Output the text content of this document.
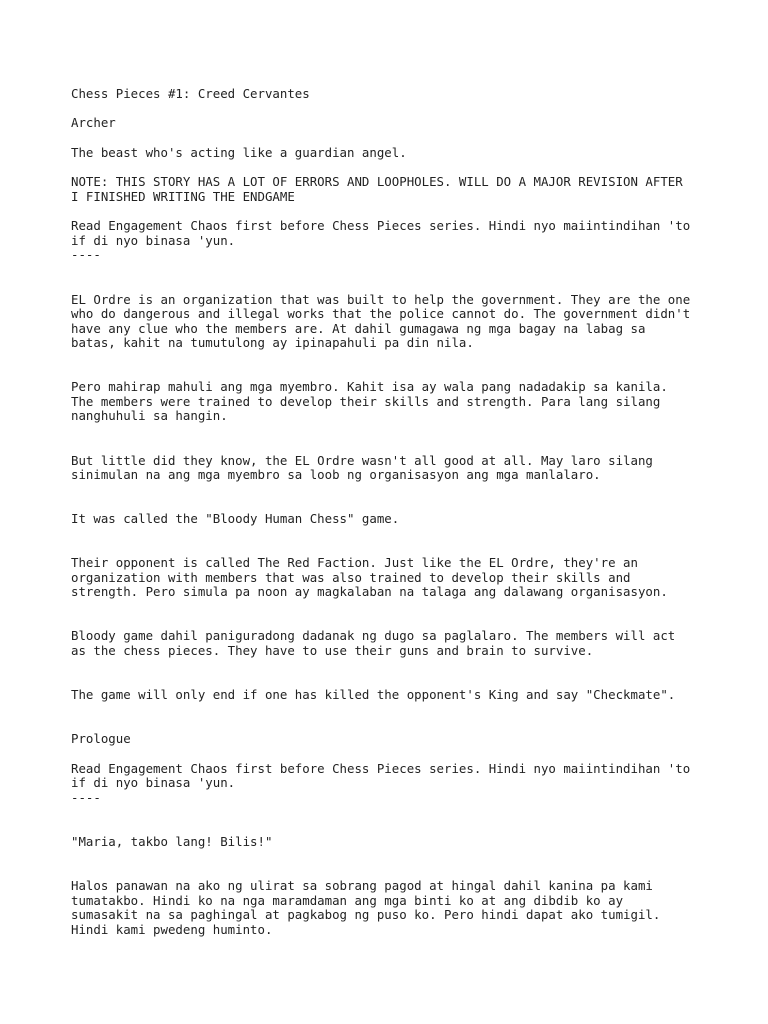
Chess Pieces #1: Creed Cervantes

Archer

The beast who's acting like a guardian angel.

NOTE: THIS STORY HAS A LOT OF ERRORS AND LOOPHOLES. WILL DO A MAJOR REVISION AFTER

I FINISHED WRITING THE ENDGAME

Read Engagement Chaos first before Chess Pieces series. Hindi nyo maiintindihan 'to

if di nyo binasa 'yun.

----

EL Ordre is an organization that was built to help the government. They are the one

who do dangerous and illegal works that the police cannot do. The government didn't

have any clue who the members are. At dahil gumagawa ng mga bagay na labag sa

batas, kahit na tumutulong ay ipinapahuli pa din nila.

Pero mahirap mahuli ang mga myembro. Kahit isa ay wala pang nadadakip sa kanila.

The members were trained to develop their skills and strength. Para lang silang

nanghuhuli sa hangin.

But little did they know, the EL Ordre wasn't all good at all. May laro silang

sinimulan na ang mga myembro sa loob ng organisasyon ang mga manlalaro.

It was called the "Bloody Human Chess" game.

Their opponent is called The Red Faction. Just like the EL Ordre, they're an

organization with members that was also trained to develop their skills and

strength. Pero simula pa noon ay magkalaban na talaga ang dalawang organisasyon.

Bloody game dahil paniguradong dadanak ng dugo sa paglalaro. The members will act

as the chess pieces. They have to use their guns and brain to survive.

The game will only end if one has killed the opponent's King and say "Checkmate".

Prologue

Read Engagement Chaos first before Chess Pieces series. Hindi nyo maiintindihan 'to

if di nyo binasa 'yun.

----

"Maria, takbo lang! Bilis!"

Halos panawan na ako ng ulirat sa sobrang pagod at hingal dahil kanina pa kami

tumatakbo. Hindi ko na nga maramdaman ang mga binti ko at ang dibdib ko ay

sumasakit na sa paghingal at pagkabog ng puso ko. Pero hindi dapat ako tumigil.

Hindi kami pwedeng huminto.
